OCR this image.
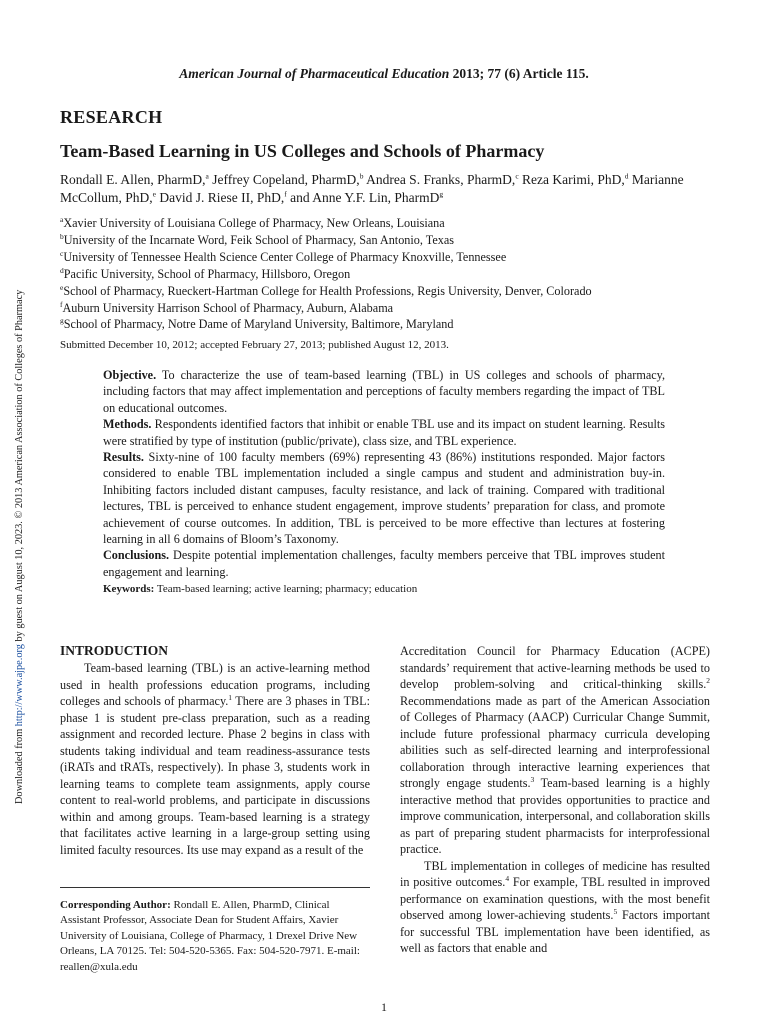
Downloaded from http://www.ajpe.org by guest on August 10, 2023. © 2013 American Association of Colleges of Pharmacy
American Journal of Pharmaceutical Education 2013; 77 (6) Article 115.
RESEARCH
Team-Based Learning in US Colleges and Schools of Pharmacy
Rondall E. Allen, PharmD,$^a$ Jeffrey Copeland, PharmD,$^b$ Andrea S. Franks, PharmD,$^c$ Reza Karimi, PhD,$^d$ Marianne McCollum, PhD,$^e$ David J. Riese II, PhD,$^f$ and Anne Y.F. Lin, PharmD$^g$
$^a$Xavier University of Louisiana College of Pharmacy, New Orleans, Louisiana
$^b$University of the Incarnate Word, Feik School of Pharmacy, San Antonio, Texas
$^c$University of Tennessee Health Science Center College of Pharmacy Knoxville, Tennessee
$^d$Pacific University, School of Pharmacy, Hillsboro, Oregon
$^e$School of Pharmacy, Rueckert-Hartman College for Health Professions, Regis University, Denver, Colorado
$^f$Auburn University Harrison School of Pharmacy, Auburn, Alabama
$^g$School of Pharmacy, Notre Dame of Maryland University, Baltimore, Maryland
Submitted December 10, 2012; accepted February 27, 2013; published August 12, 2013.

Objective. To characterize the use of team-based learning (TBL) in US colleges and schools of pharmacy, including factors that may affect implementation and perceptions of faculty members regarding the impact of TBL on educational outcomes.

Methods. Respondents identified factors that inhibit or enable TBL use and its impact on student learning. Results were stratified by type of institution (public/private), class size, and TBL experience.

Results. Sixty-nine of 100 faculty members (69%) representing 43 (86%) institutions responded. Major factors considered to enable TBL implementation included a single campus and student and administration buy-in. Inhibiting factors included distant campuses, faculty resistance, and lack of training. Compared with traditional lectures, TBL is perceived to enhance student engagement, improve students’ preparation for class, and promote achievement of course outcomes. In addition, TBL is perceived to be more effective than lectures at fostering learning in all 6 domains of Bloom’s Taxonomy.

Conclusions. Despite potential implementation challenges, faculty members perceive that TBL improves student engagement and learning.

Keywords: Team-based learning; active learning; pharmacy; education

INTRODUCTION

Team-based learning (TBL) is an active-learning method used in health professions education programs, including colleges and schools of pharmacy.$^1$ There are 3 phases in TBL: phase 1 is student pre-class preparation, such as a reading assignment and recorded lecture. Phase 2 begins in class with students taking individual and team readiness-assurance tests (iRATs and tRATs, respectively). In phase 3, students work in learning teams to complete team assignments, apply course content to real-world problems, and participate in discussions within and among groups. Team-based learning is a strategy that facilitates active learning in a large-group setting using limited faculty resources. Its use may expand as a result of the

Accreditation Council for Pharmacy Education (ACPE) standards’ requirement that active-learning methods be used to develop problem-solving and critical-thinking skills.$^2$ Recommendations made as part of the American Association of Colleges of Pharmacy (AACP) Curricular Change Summit, include future professional pharmacy curricula developing abilities such as self-directed learning and interprofessional collaboration through interactive learning experiences that strongly engage students.$^3$ Team-based learning is a highly interactive method that provides opportunities to practice and improve communication, interpersonal, and collaboration skills as part of preparing student pharmacists for interprofessional practice.

TBL implementation in colleges of medicine has resulted in positive outcomes.$^4$ For example, TBL resulted in improved performance on examination questions, with the most benefit observed among lower-achieving students.$^5$ Factors important for successful TBL implementation have been identified, as well as factors that enable and

Corresponding Author: Rondall E. Allen, PharmD, Clinical Assistant Professor, Associate Dean for Student Affairs, Xavier University of Louisiana, College of Pharmacy, 1 Drexel Drive New Orleans, LA 70125. Tel: 504-520-5365. Fax: 504-520-7971. E-mail: reallen@xula.edu
1
